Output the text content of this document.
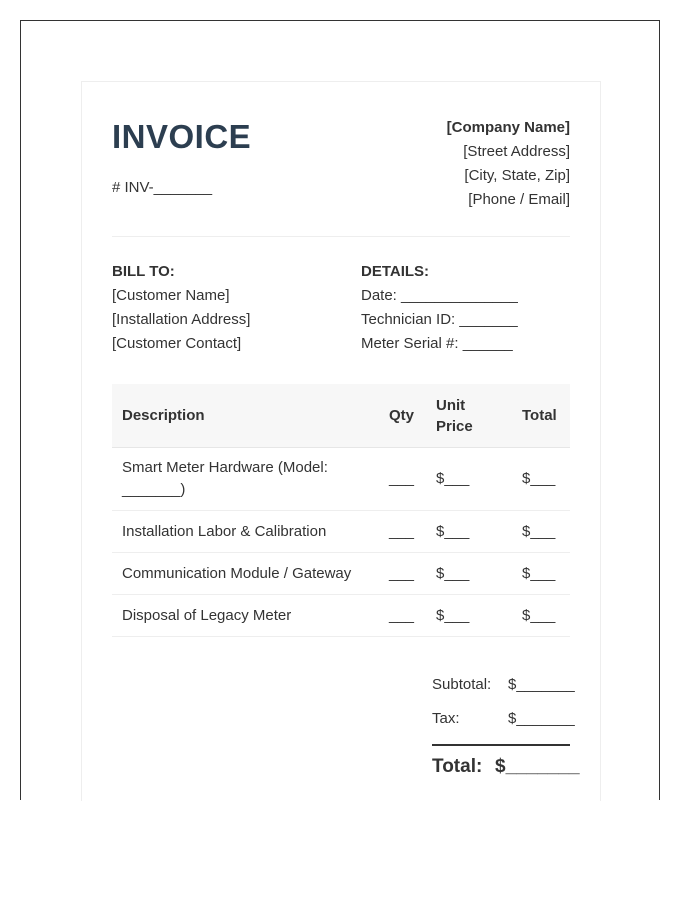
INVOICE
# INV-_______
[Company Name]
[Street Address]
[City, State, Zip]
[Phone / Email]
BILL TO:
[Customer Name]
[Installation Address]
[Customer Contact]
DETAILS:
Date: ______________
Technician ID: _______
Meter Serial #: ______
Description	Qty	Unit Price	Total
Smart Meter Hardware (Model: _______)	___	$___	$___
Installation Labor & Calibration	___	$___	$___
Communication Module / Gateway	___	$___	$___
Disposal of Legacy Meter	___	$___	$___
Subtotal: $_______
Tax:	$_______
Total: $_______
